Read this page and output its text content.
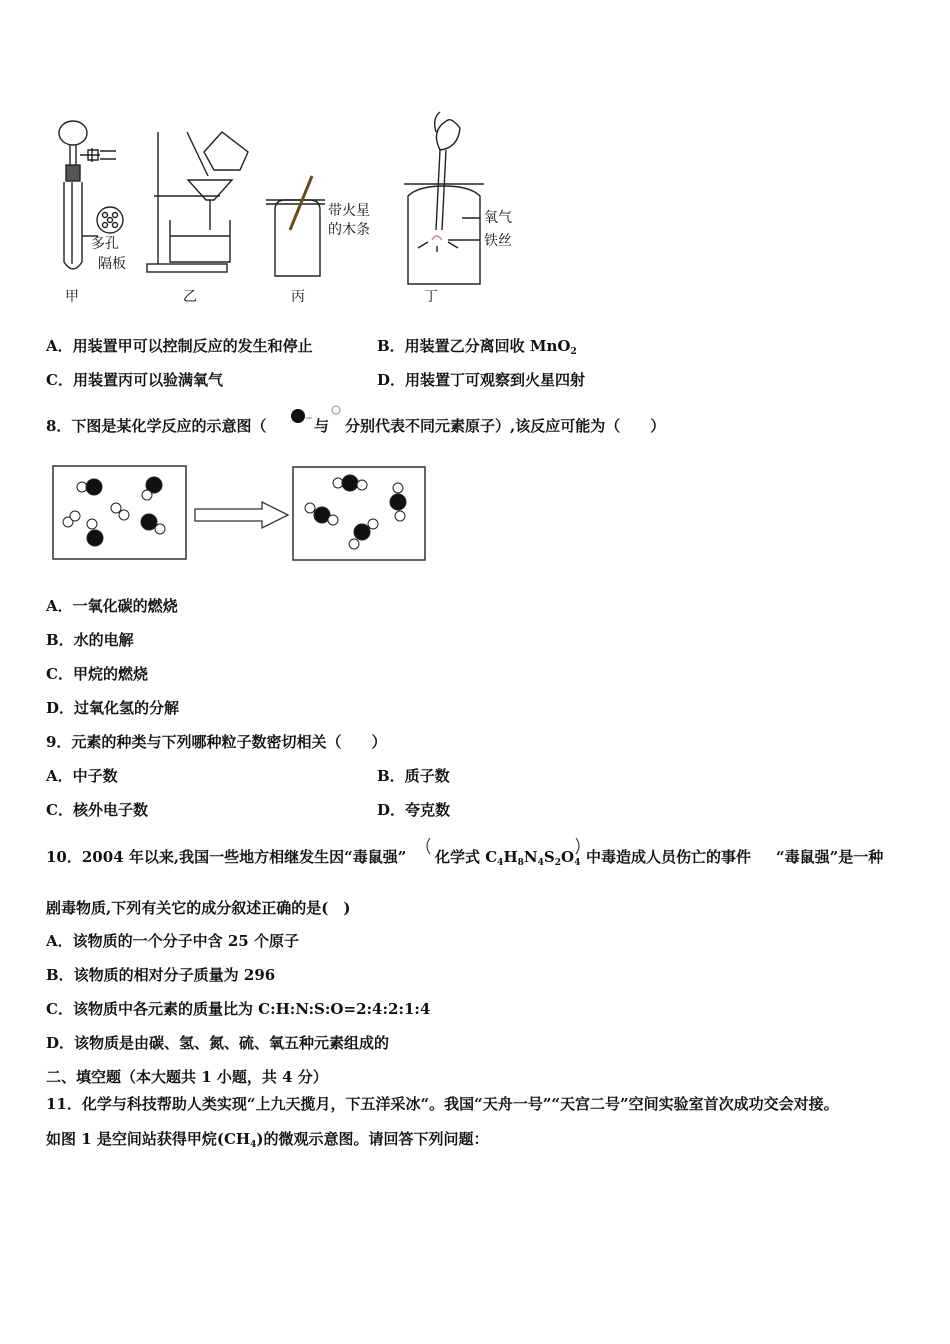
多孔
隔板
甲	乙
带火星
的木条
丙
氧气
铁丝
丁
A．用装置甲可以控制反应的发生和停止	B．用装置乙分离回收 MnO$_2$
C．用装置丙可以验满氧气	D．用装置丁可观察到火星四射
8．下图是某化学反应的示意图（	与 分别代表不同元素原子）,该反应可能为（　　）
A．一氧化碳的燃烧
B．水的电解
C．甲烷的燃烧
D．过氧化氢的分解
9．元素的种类与下列哪种粒子数密切相关（　　）
A．中子数	B．质子数
C．核外电子数	D．夸克数
10．2004 年以来,我国一些地方相继发生因“毒鼠强” 化学式 $C_4H_8N_4S_2O_4$ 中毒造成人员伤亡的事件 “毒鼠强”是一种
剧毒物质,下列有关它的成分叙述正确的是(　)
A．该物质的一个分子中含 25 个原子
B．该物质的相对分子质量为 296
C．该物质中各元素的质量比为 C:H:N:S:O=2:4:2:1:4
D．该物质是由碳、氢、氮、硫、氧五种元素组成的
二、填空题（本大题共 1 小题，共 4 分）
11．化学与科技帮助人类实现“上九天揽月，下五洋采冰“。我国“天舟一号”“天宫二号”空间实验室首次成功交会对接。
如图 1 是空间站获得甲烷$(CH_4)$的微观示意图。请回答下列问题：
